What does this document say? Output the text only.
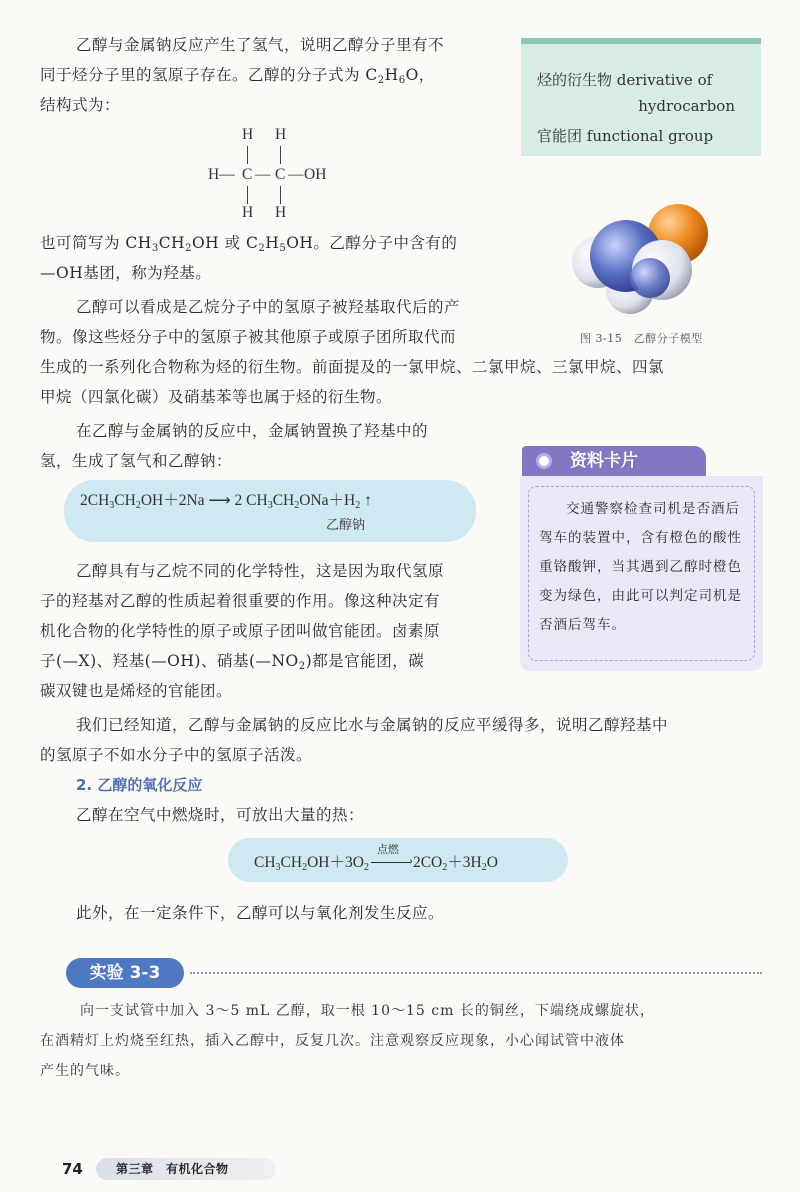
乙醇与金属钠反应产生了氢气，说明乙醇分子里有不
同于烃分子里的氢原子存在。乙醇的分子式为 $C_2H_6O$，
结构式为：
烃的衍生物 derivative of
hydrocarbon
官能团 functional group
H H
H— C — C — OH
H H
图 3-15　乙醇分子模型
也可简写为 $CH_3CH_2OH$ 或 $C_2H_5OH$。乙醇分子中含有的
—OH基团，称为羟基。
乙醇可以看成是乙烷分子中的氢原子被羟基取代后的产
物。像这些烃分子中的氢原子被其他原子或原子团所取代而
生成的一系列化合物称为烃的衍生物。前面提及的一氯甲烷、二氯甲烷、三氯甲烷、四氯
甲烷（四氯化碳）及硝基苯等也属于烃的衍生物。
在乙醇与金属钠的反应中，金属钠置换了羟基中的
氢，生成了氢气和乙醇钠：
$2CH_3CH_2OH+2Na$ ⟶ 2 $CH_3CH_2ONa+H_2$ ↑
乙醇钠
资料卡片
交通警察检查司机是否酒后驾车的装置中，含有橙色的酸性重铬酸钾，当其遇到乙醇时橙色变为绿色，由此可以判定司机是否酒后驾车。
乙醇具有与乙烷不同的化学特性，这是因为取代氢原
子的羟基对乙醇的性质起着很重要的作用。像这种决定有
机化合物的化学特性的原子或原子团叫做官能团。卤素原
子(—X)、羟基(—OH)、硝基$(—NO_2)$都是官能团，碳
碳双键也是烯烃的官能团。
我们已经知道，乙醇与金属钠的反应比水与金属钠的反应平缓得多，说明乙醇羟基中
的氢原子不如水分子中的氢原子活泼。
2. 乙醇的氧化反应
乙醇在空气中燃烧时，可放出大量的热：
$CH_3CH_2OH+3O_2$
›
点燃
$2CO_2+3H_2O$
此外，在一定条件下，乙醇可以与氧化剂发生反应。
实验 3-3
向一支试管中加入 3～5 mL 乙醇，取一根 10～15 cm 长的铜丝，下端绕成螺旋状，
在酒精灯上灼烧至红热，插入乙醇中，反复几次。注意观察反应现象，小心闻试管中液体
产生的气味。
74	第三章　有机化合物
